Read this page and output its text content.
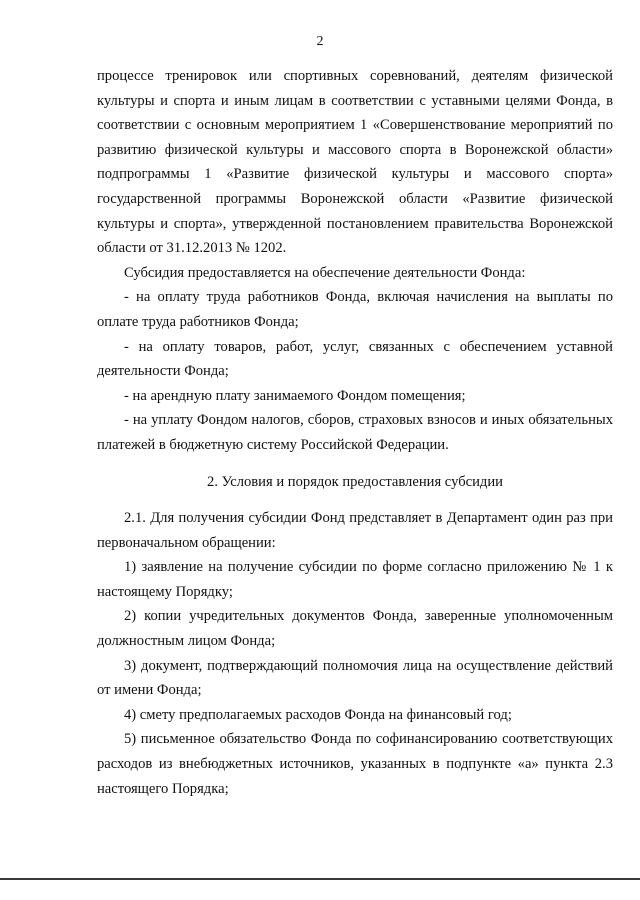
2

процессе тренировок или спортивных соревнований, деятелям физической культуры и спорта и иным лицам в соответствии с уставными целями Фонда, в соответствии с основным мероприятием 1 «Совершенствование мероприятий по развитию физической культуры и массового спорта в Воронежской области» подпрограммы 1 «Развитие физической культуры и массового спорта» государственной программы Воронежской области «Развитие физической культуры и спорта», утвержденной постановлением правительства Воронежской области от 31.12.2013 № 1202.

Субсидия предоставляется на обеспечение деятельности Фонда:

- на оплату труда работников Фонда, включая начисления на выплаты по оплате труда работников Фонда;

- на оплату товаров, работ, услуг, связанных с обеспечением уставной деятельности Фонда;

- на арендную плату занимаемого Фондом помещения;

- на уплату Фондом налогов, сборов, страховых взносов и иных обязательных платежей в бюджетную систему Российской Федерации.

2. Условия и порядок предоставления субсидии

2.1. Для получения субсидии Фонд представляет в Департамент один раз при первоначальном обращении:

1) заявление на получение субсидии по форме согласно приложению № 1 к настоящему Порядку;

2) копии учредительных документов Фонда, заверенные уполномоченным должностным лицом Фонда;

3) документ, подтверждающий полномочия лица на осуществление действий от имени Фонда;

4) смету предполагаемых расходов Фонда на финансовый год;

5) письменное обязательство Фонда по софинансированию соответствующих расходов из внебюджетных источников, указанных в подпункте «а» пункта 2.3 настоящего Порядка;
